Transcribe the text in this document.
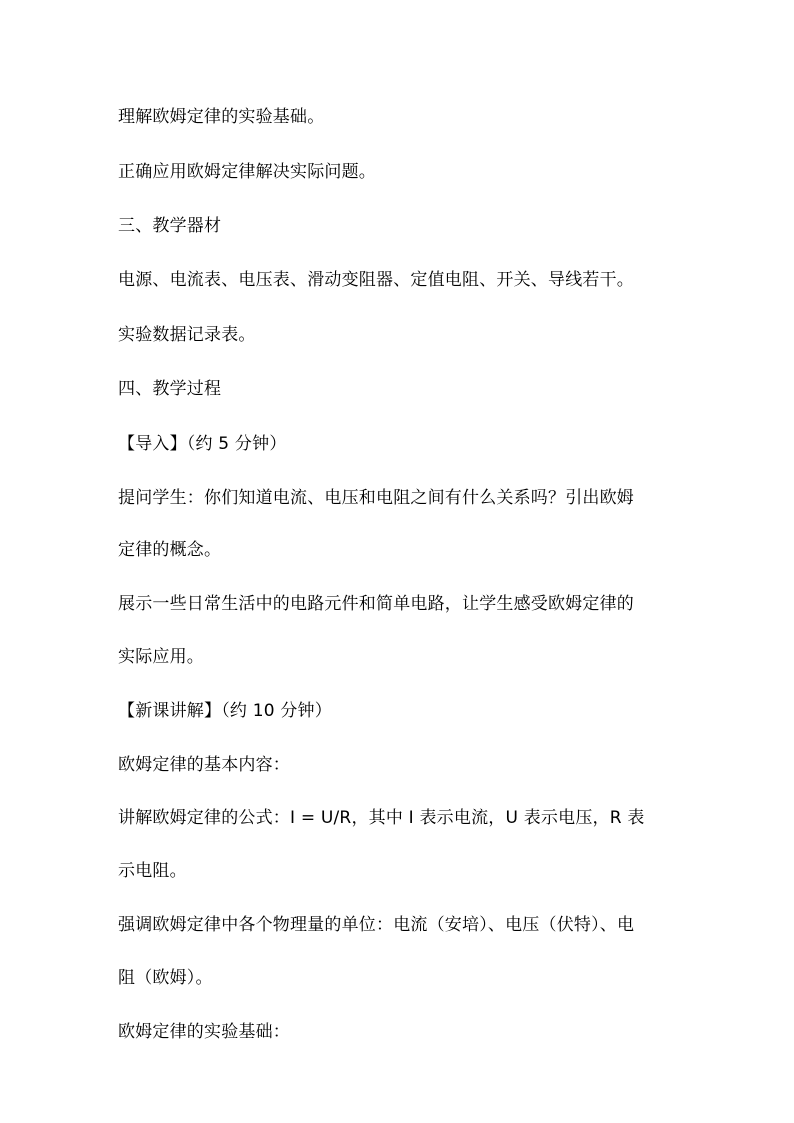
理解欧姆定律的实验基础。
正确应用欧姆定律解决实际问题。
三、教学器材
电源、电流表、电压表、滑动变阻器、定值电阻、开关、导线若干。
实验数据记录表。
四、教学过程
【导入】（约 5 分钟）
提问学生：你们知道电流、电压和电阻之间有什么关系吗？引出欧姆
定律的概念。
展示一些日常生活中的电路元件和简单电路，让学生感受欧姆定律的
实际应用。
【新课讲解】（约 10 分钟）
欧姆定律的基本内容：
讲解欧姆定律的公式：I = U/R，其中 I 表示电流，U 表示电压，R 表
示电阻。
强调欧姆定律中各个物理量的单位：电流（安培）、电压（伏特）、电
阻（欧姆）。
欧姆定律的实验基础：
